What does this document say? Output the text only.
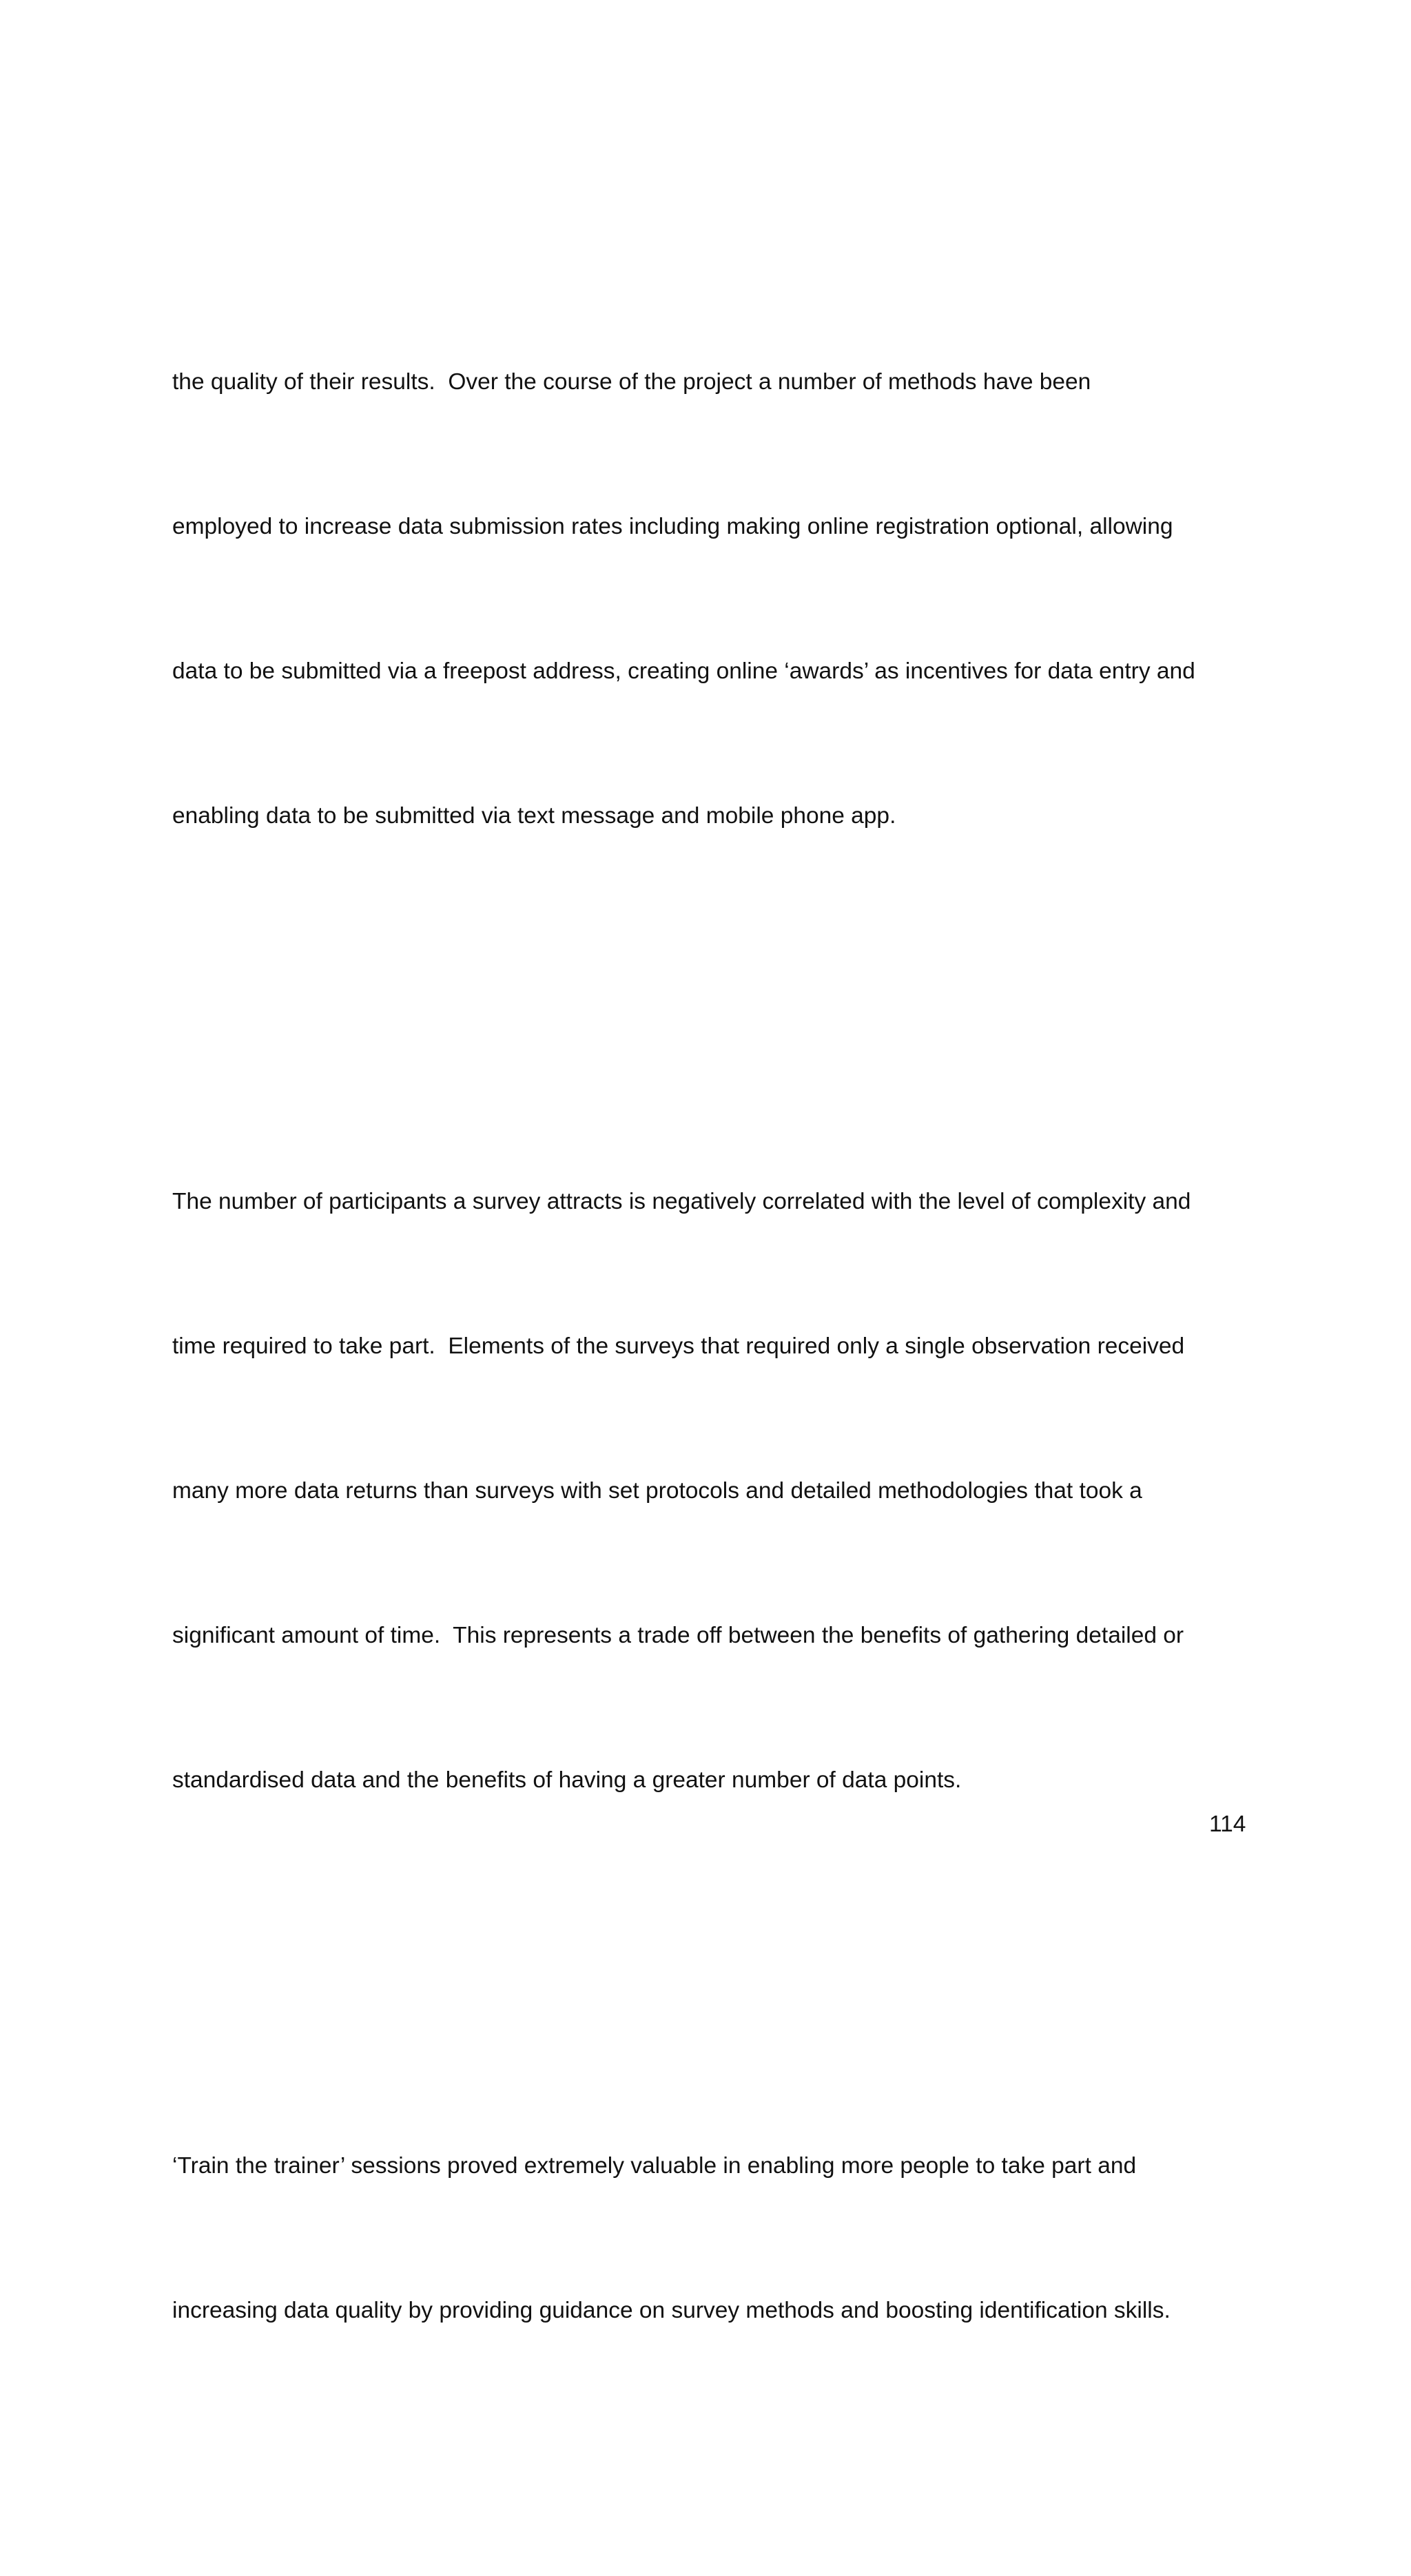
the quality of their results.  Over the course of the project a number of methods have been

employed to increase data submission rates including making online registration optional, allowing

data to be submitted via a freepost address, creating online ‘awards’ as incentives for data entry and

enabling data to be submitted via text message and mobile phone app.

The number of participants a survey attracts is negatively correlated with the level of complexity and

time required to take part.  Elements of the surveys that required only a single observation received

many more data returns than surveys with set protocols and detailed methodologies that took a

significant amount of time.  This represents a trade off between the benefits of gathering detailed or

standardised data and the benefits of having a greater number of data points.

‘Train the trainer’ sessions proved extremely valuable in enabling more people to take part and

increasing data quality by providing guidance on survey methods and boosting identification skills.

114
